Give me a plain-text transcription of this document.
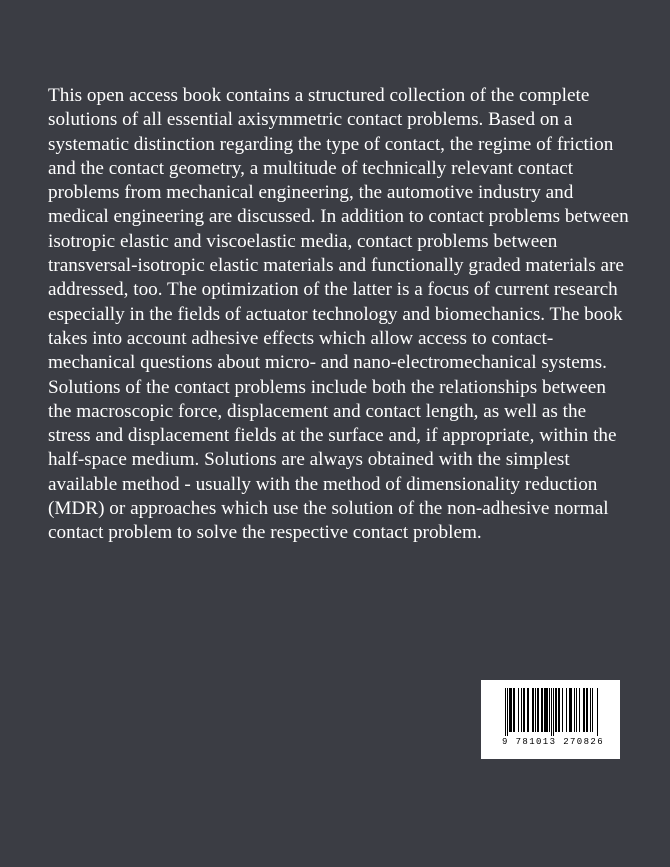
This open access book contains a structured collection of the complete solutions of all essential axisymmetric contact problems. Based on a systematic distinction regarding the type of contact, the regime of friction and the contact geometry, a multitude of technically relevant contact problems from mechanical engineering, the automotive industry and medical engineering are discussed. In addition to contact problems between isotropic elastic and viscoelastic media, contact problems between transversal-isotropic elastic materials and functionally graded materials are addressed, too. The optimization of the latter is a focus of current research especially in the fields of actuator technology and biomechanics. The book takes into account adhesive effects which allow access to contact-mechanical questions about micro- and nano-electromechanical systems. Solutions of the contact problems include both the relationships between the macroscopic force, displacement and contact length, as well as the stress and displacement fields at the surface and, if appropriate, within the half-space medium. Solutions are always obtained with the simplest available method - usually with the method of dimensionality reduction (MDR) or approaches which use the solution of the non-adhesive normal contact problem to solve the respective contact problem.

9 781013 270826
